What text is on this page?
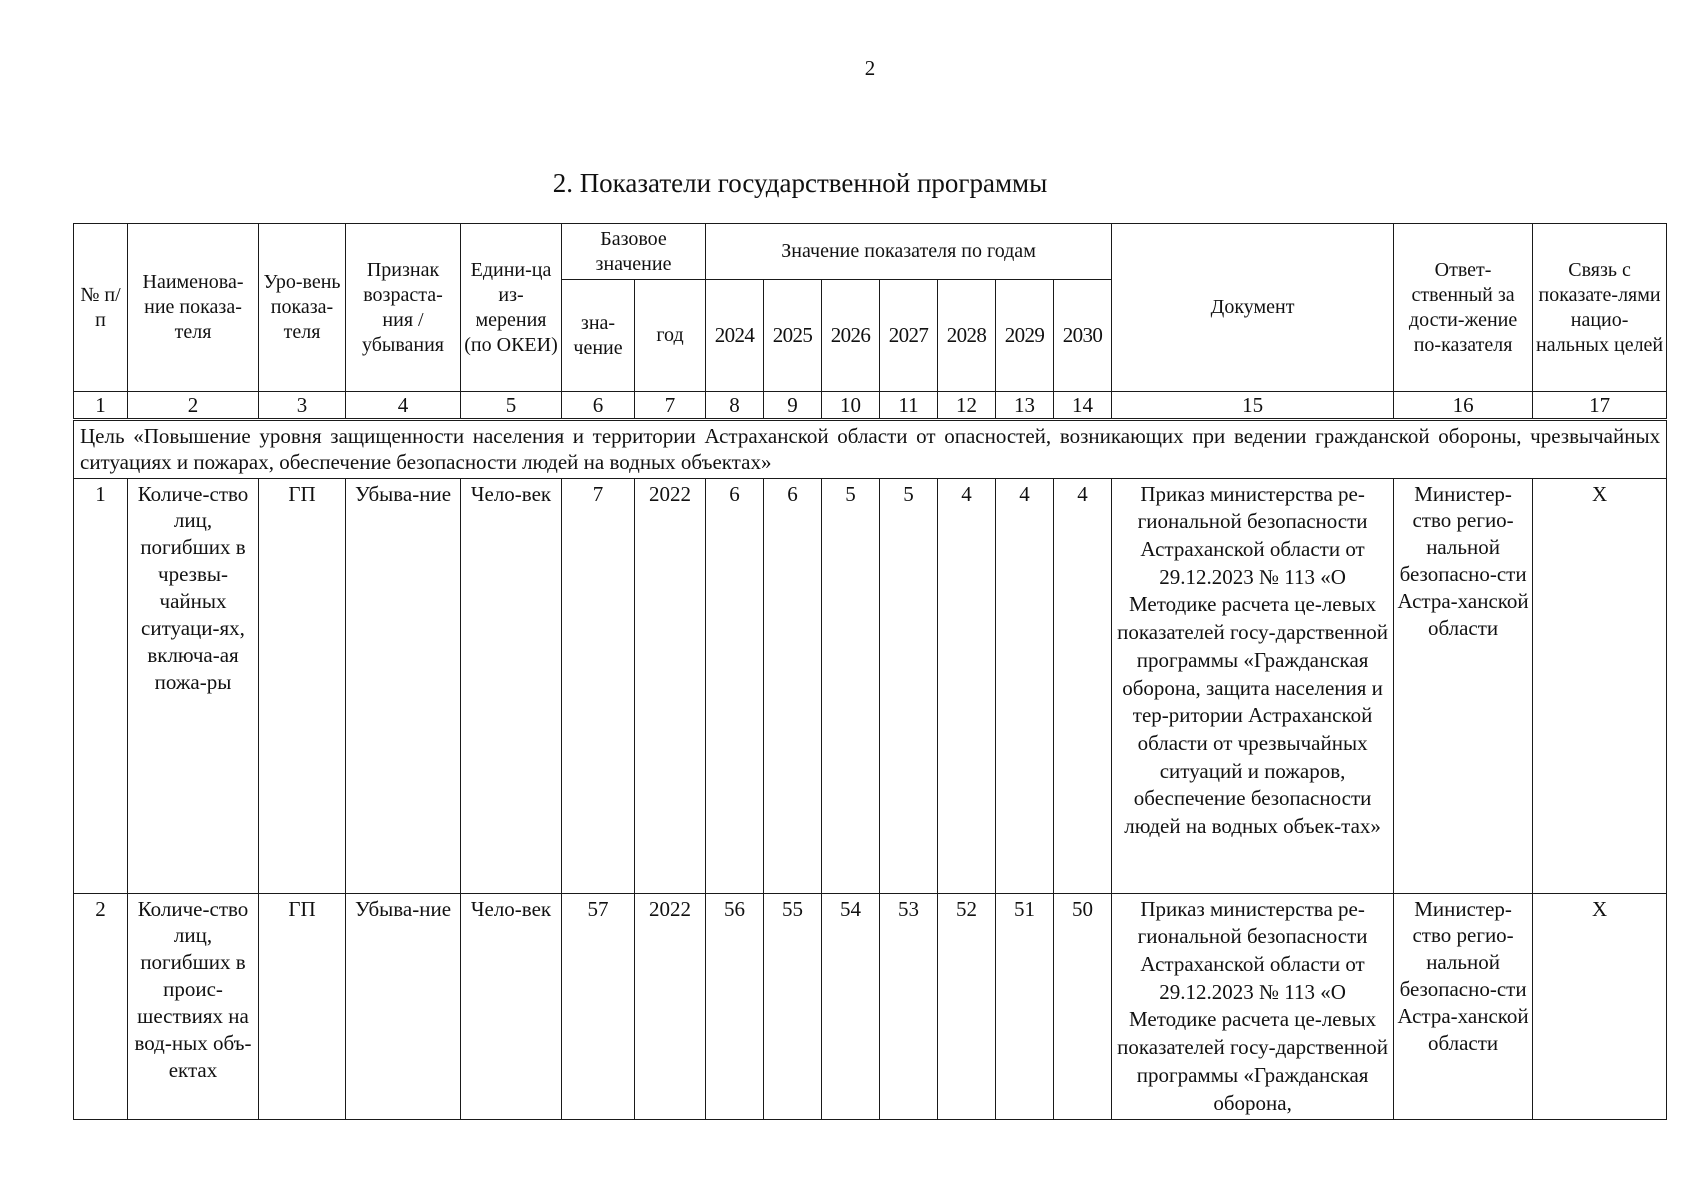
2
2. Показатели государственной программы
№ п/п	Наименова-ние показа-теля	Уро-вень показа-теля	Признак возраста-ния / убывания	Едини-ца из-мерения (по ОКЕИ)	Базовое значение		Значение показателя по годам							Документ	Ответ-ственный за дости-жение по-казателя	Связь с показате-лями нацио-нальных целей
					зна-чение	год	2024	2025	2026	2027	2028	2029	2030			
1	2	3	4	5	6	7	8	9	10	11	12	13	14	15	16	17
Цель «Повышение уровня защищенности населения и территории Астраханской области от опасностей, возникающих при ведении гражданской обороны, чрезвычайных ситуациях и пожарах, обеспечение безопасности людей на водных объектах»																
1	Количе-ство лиц, погибших в чрезвы-чайных ситуаци-ях, включа-ая пожа-ры	ГП	Убыва-ние	Чело-век	7	2022	6	6	5	5	4	4	4	Приказ министерства ре-гиональной безопасности Астраханской области от 29.12.2023 № 113 «О Методике расчета це-левых показателей госу-дарственной программы «Гражданская оборона, защита населения и тер-ритории Астраханской области от чрезвычайных ситуаций и пожаров, обеспечение безопасности людей на водных объек-тах»	Министер-ство регио-нальной безопасно-сти Астра-ханской области	Х
2	Количе-ство лиц, погибших в проис-шествиях на вод-ных объ-ектах	ГП	Убыва-ние	Чело-век	57	2022	56	55	54	53	52	51	50	Приказ министерства ре-гиональной безопасности Астраханской области от 29.12.2023 № 113 «О Методике расчета це-левых показателей госу-дарственной программы «Гражданская оборона,	Министер-ство регио-нальной безопасно-сти Астра-ханской области	Х
